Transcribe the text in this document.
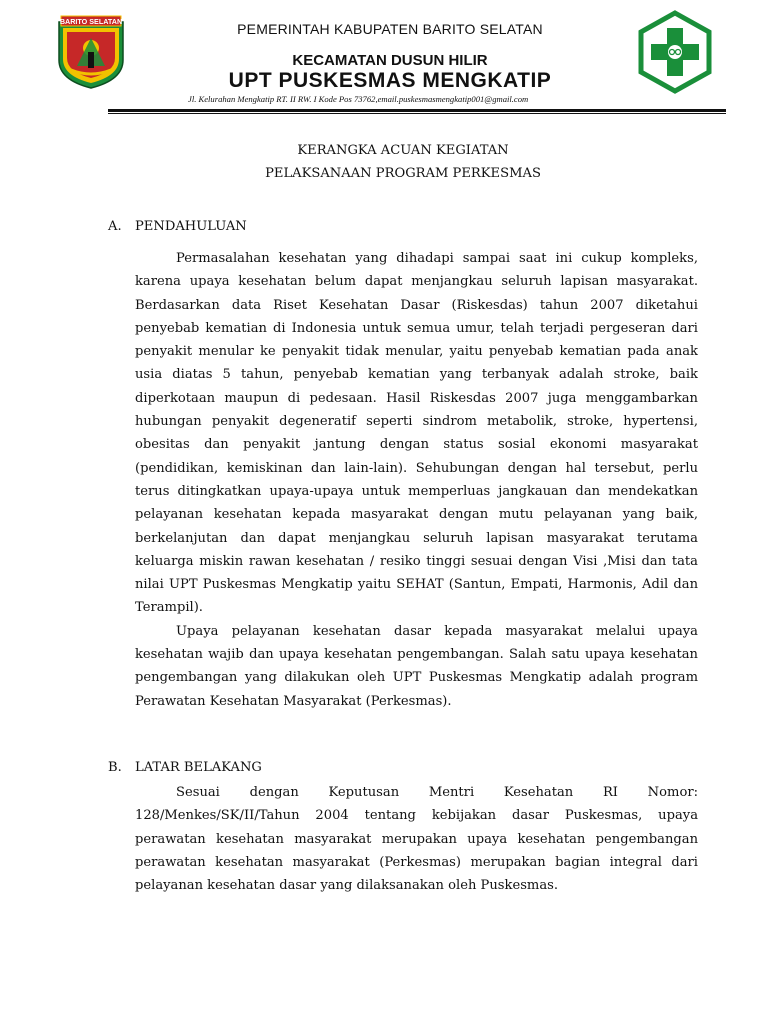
BARITO SELATAN	PEMERINTAH KABUPATEN BARITO SELATAN
KECAMATAN DUSUN HILIR
UPT PUSKESMAS MENGKATIP
Jl. Kelurahan Mengkatip RT. II RW. I Kode Pos 73762,email.puskesmasmengkatip001@gmail.com
KERANGKA ACUAN KEGIATAN
PELAKSANAAN PROGRAM PERKESMAS
A. PENDAHULUAN

Permasalahan kesehatan yang dihadapi sampai saat ini cukup kompleks, karena upaya kesehatan belum dapat menjangkau seluruh lapisan masyarakat. Berdasarkan data Riset Kesehatan Dasar (Riskesdas) tahun 2007 diketahui penyebab kematian di Indonesia untuk semua umur, telah terjadi pergeseran dari penyakit menular ke penyakit tidak menular, yaitu penyebab kematian pada anak usia diatas 5 tahun, penyebab kematian yang terbanyak adalah stroke, baik diperkotaan maupun di pedesaan. Hasil Riskesdas 2007 juga menggambarkan hubungan penyakit degeneratif seperti sindrom metabolik, stroke, hypertensi, obesitas dan penyakit jantung dengan status sosial ekonomi masyarakat (pendidikan, kemiskinan dan lain-lain). Sehubungan dengan hal tersebut, perlu terus ditingkatkan upaya-upaya untuk memperluas jangkauan dan mendekatkan pelayanan kesehatan kepada masyarakat dengan mutu pelayanan yang baik, berkelanjutan dan dapat menjangkau seluruh lapisan masyarakat terutama keluarga miskin rawan kesehatan / resiko tinggi sesuai dengan Visi ,Misi dan tata nilai UPT Puskesmas Mengkatip yaitu SEHAT (Santun, Empati, Harmonis, Adil dan Terampil).

Upaya pelayanan kesehatan dasar kepada masyarakat melalui upaya kesehatan wajib dan upaya kesehatan pengembangan. Salah satu upaya kesehatan pengembangan yang dilakukan oleh UPT Puskesmas Mengkatip adalah program Perawatan Kesehatan Masyarakat (Perkesmas).

B. LATAR BELAKANG

Sesuai dengan Keputusan Mentri Kesehatan RI Nomor: 128/Menkes/SK/II/Tahun 2004 tentang kebijakan dasar Puskesmas, upaya perawatan kesehatan masyarakat merupakan upaya kesehatan pengembangan perawatan kesehatan masyarakat (Perkesmas) merupakan bagian integral dari pelayanan kesehatan dasar yang dilaksanakan oleh Puskesmas.
